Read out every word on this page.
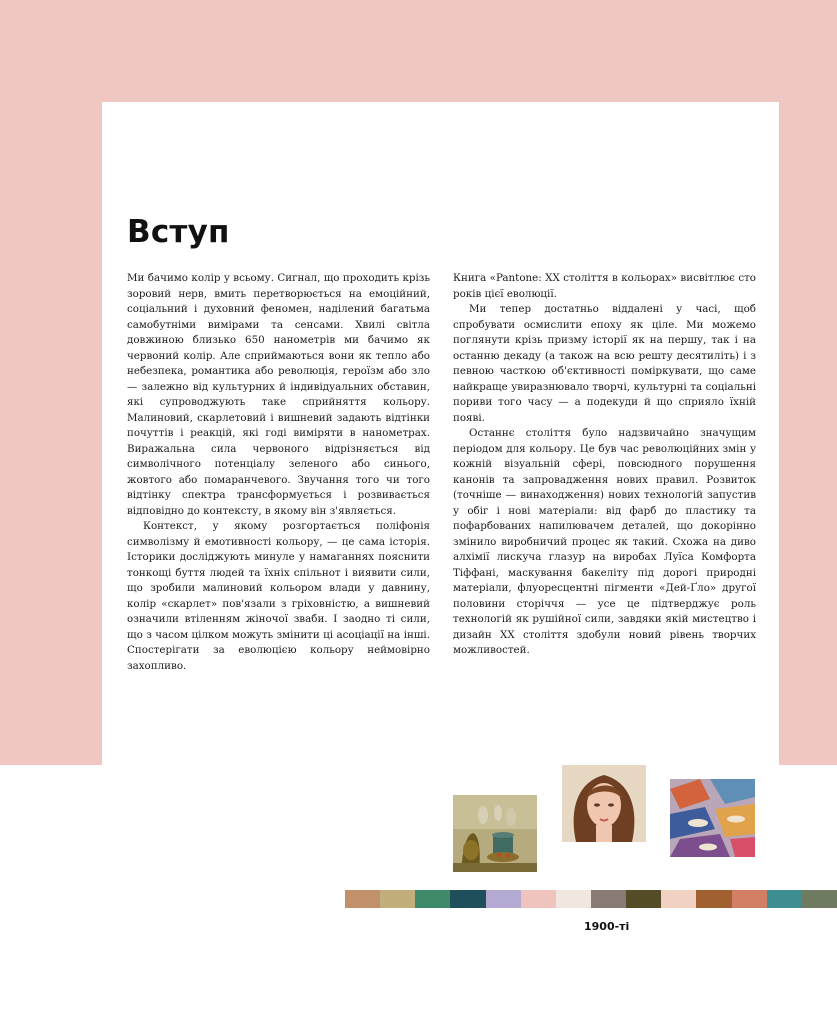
Вступ

Ми бачимо колір у всьому. Сигнал, що проходить крізь зоровий нерв, вмить перетворюється на емоційний, соціальний і духовний феномен, наділений багатьма самобутніми вимірами та сенсами. Хвилі світла довжиною близько 650 нанометрів ми бачимо як червоний колір. Але сприймаються вони як тепло або небезпека, романтика або революція, героїзм або зло — залежно від культурних й індивідуальних обставин, які супроводжують таке сприйняття кольору. Малиновий, скарлетовий і вишневий задають відтінки почуттів і реакцій, які годі виміряти в нанометрах. Виражальна сила червоного відрізняється від символічного потенціалу зеленого або синього, жовтого або помаранчевого. Звучання того чи того відтінку спектра трансформується і розвивається відповідно до контексту, в якому він з'являється.

Контекст, у якому розгортається поліфонія символізму й емотивності кольору, — це сама історія. Історики досліджують минуле у намаганнях пояснити тонкощі буття людей та їхніх спільнот і виявити сили, що зробили малиновий кольором влади у давнину, колір «скарлет» пов'язали з гріховністю, а вишневий означили втіленням жіночої зваби. І заодно ті сили, що з часом цілком можуть змінити ці асоціації на інші. Спостерігати за еволюцією кольору неймовірно захопливо.

Книга «Pantone: XX століття в кольорах» висвітлює сто років цієї еволюції.

Ми тепер достатньо віддалені у часі, щоб спробувати осмислити епоху як ціле. Ми можемо поглянути крізь призму історії як на першу, так і на останню декаду (а також на всю решту десятиліть) і з певною часткою об'єктивності поміркувати, що саме найкраще увиразнювало творчі, культурні та соціальні пориви того часу — а подекуди й що сприяло їхній появі.

Останнє століття було надзвичайно значущим періодом для кольору. Це був час революційних змін у кожній візуальній сфері, повсюдного порушення канонів та запровадження нових правил. Розвиток (точніше — винаходження) нових технологій запустив у обіг і нові матеріали: від фарб до пластику та пофарбованих напилювачем деталей, що докорінно змінило виробничий процес як такий. Схожа на диво алхімії лискуча глазур на виробах Луїса Комфорта Тіффані, маскування бакеліту під дорогі природні матеріали, флуоресцентні пігменти «Дей-Ґло» другої половини сторіччя — усе це підтверджує роль технологій як рушійної сили, завдяки якій мистецтво і дизайн XX століття здобули новий рівень творчих можливостей.

1900-ті
